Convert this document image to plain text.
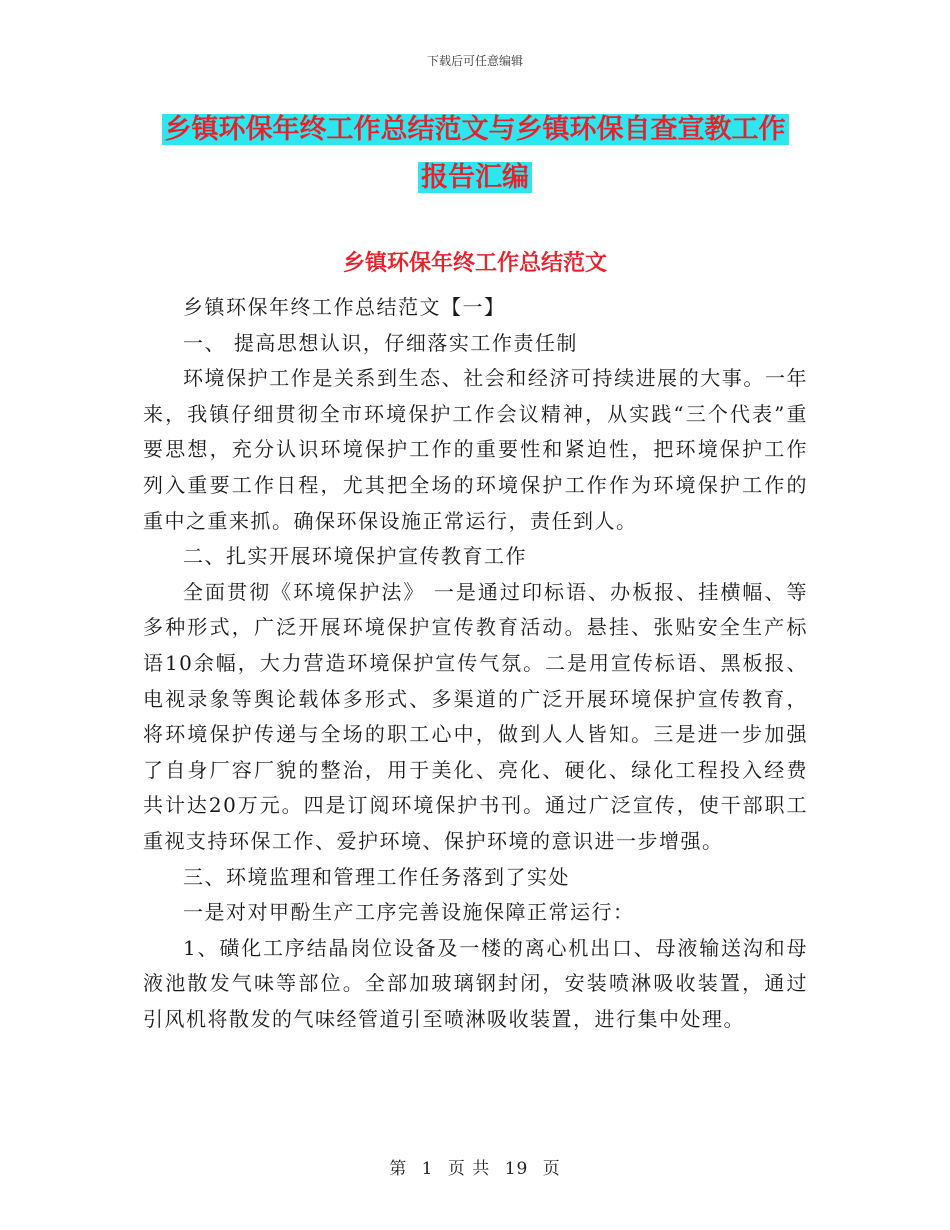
下载后可任意编辑
乡镇环保年终工作总结范文与乡镇环保自查宣教工作
报告汇编
乡镇环保年终工作总结范文

乡镇环保年终工作总结范文【一】

一、 提高思想认识，仔细落实工作责任制

环境保护工作是关系到生态、社会和经济可持续进展的大事。一年来，我镇仔细贯彻全市环境保护工作会议精神，从实践“三个代表”重要思想，充分认识环境保护工作的重要性和紧迫性，把环境保护工作列入重要工作日程，尤其把全场的环境保护工作作为环境保护工作的重中之重来抓。确保环保设施正常运行，责任到人。

二、扎实开展环境保护宣传教育工作

全面贯彻《环境保护法》 一是通过印标语、办板报、挂横幅、等多种形式，广泛开展环境保护宣传教育活动。悬挂、张贴安全生产标语10余幅，大力营造环境保护宣传气氛。二是用宣传标语、黑板报、电视录象等舆论载体多形式、多渠道的广泛开展环境保护宣传教育，将环境保护传递与全场的职工心中，做到人人皆知。三是进一步加强了自身厂容厂貌的整治，用于美化、亮化、硬化、绿化工程投入经费共计达20万元。四是订阅环境保护书刊。通过广泛宣传，使干部职工重视支持环保工作、爱护环境、保护环境的意识进一步增强。

三、环境监理和管理工作任务落到了实处

一是对对甲酚生产工序完善设施保障正常运行：

1、磺化工序结晶岗位设备及一楼的离心机出口、母液输送沟和母液池散发气味等部位。全部加玻璃钢封闭，安装喷淋吸收装置，通过引风机将散发的气味经管道引至喷淋吸收装置，进行集中处理。

第 1 页 共 19 页
